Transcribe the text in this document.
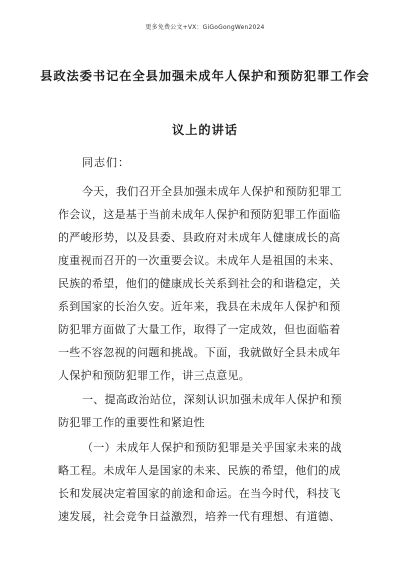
更多免费公文+VX：GiGoGongWen2024
县政法委书记在全县加强未成年人保护和预防犯罪工作会
议上的讲话
同志们：
今天，我们召开全县加强未成年人保护和预防犯罪工
作会议，这是基于当前未成年人保护和预防犯罪工作面临
的严峻形势，以及县委、县政府对未成年人健康成长的高
度重视而召开的一次重要会议。未成年人是祖国的未来、
民族的希望，他们的健康成长关系到社会的和谐稳定，关
系到国家的长治久安。近年来，我县在未成年人保护和预
防犯罪方面做了大量工作，取得了一定成效，但也面临着
一些不容忽视的问题和挑战。下面，我就做好全县未成年
人保护和预防犯罪工作，讲三点意见。
一、提高政治站位，深刻认识加强未成年人保护和预
防犯罪工作的重要性和紧迫性
（一）未成年人保护和预防犯罪是关乎国家未来的战
略工程。未成年人是国家的未来、民族的希望，他们的成
长和发展决定着国家的前途和命运。在当今时代，科技飞
速发展，社会竞争日益激烈，培养一代有理想、有道德、
